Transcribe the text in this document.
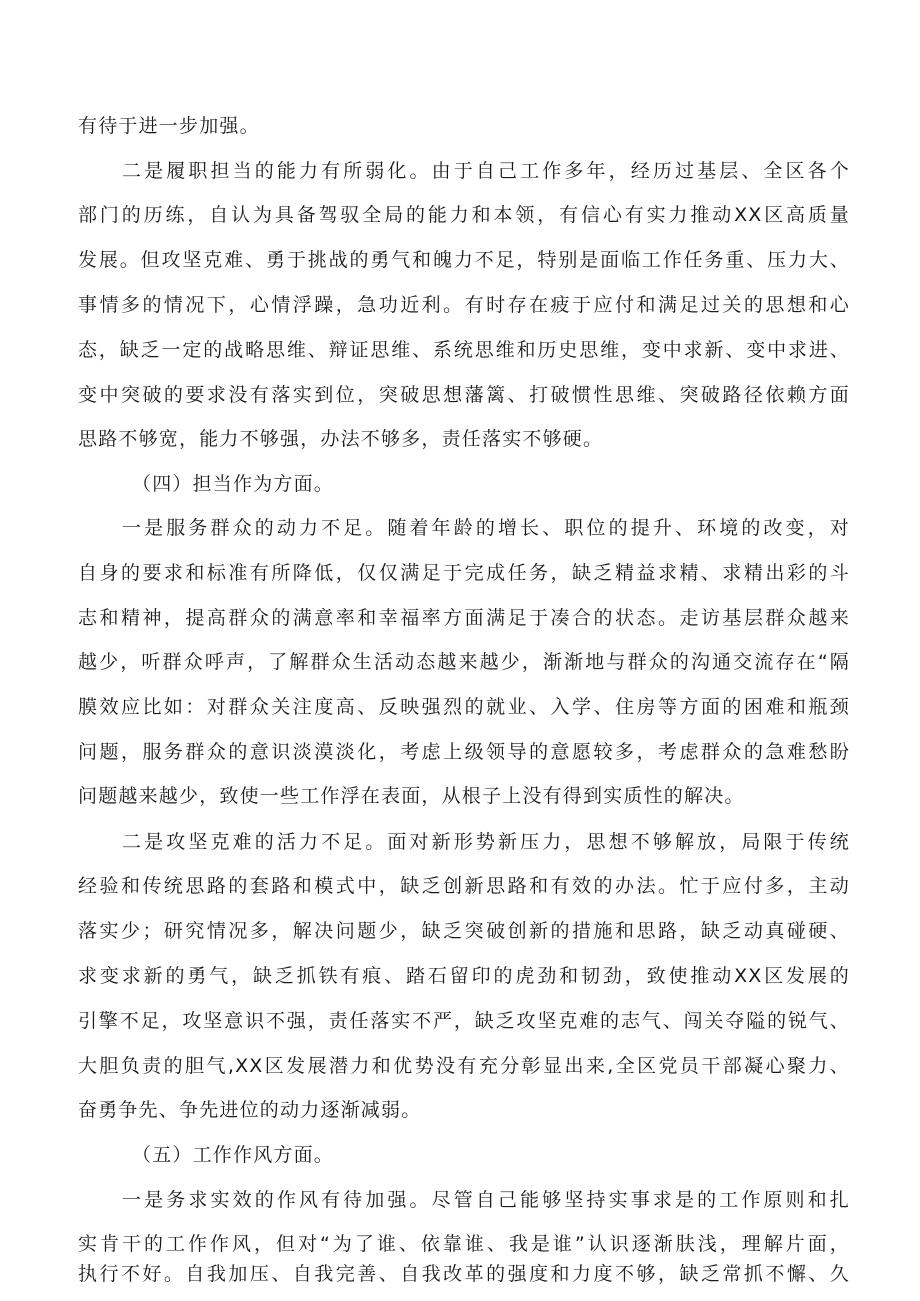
有待于进一步加强。
二是履职担当的能力有所弱化。由于自己工作多年，经历过基层、全区各个
部门的历练，自认为具备驾驭全局的能力和本领，有信心有实力推动XX区高质量
发展。但攻坚克难、勇于挑战的勇气和魄力不足，特别是面临工作任务重、压力大、
事情多的情况下，心情浮躁，急功近利。有时存在疲于应付和满足过关的思想和心
态，缺乏一定的战略思维、辩证思维、系统思维和历史思维，变中求新、变中求进、
变中突破的要求没有落实到位，突破思想藩篱、打破惯性思维、突破路径依赖方面
思路不够宽，能力不够强，办法不够多，责任落实不够硬。
（四）担当作为方面。
一是服务群众的动力不足。随着年龄的增长、职位的提升、环境的改变，对
自身的要求和标准有所降低，仅仅满足于完成任务，缺乏精益求精、求精出彩的斗
志和精神，提高群众的满意率和幸福率方面满足于凑合的状态。走访基层群众越来
越少，听群众呼声，了解群众生活动态越来越少，渐渐地与群众的沟通交流存在“隔
膜效应比如：对群众关注度高、反映强烈的就业、入学、住房等方面的困难和瓶颈
问题，服务群众的意识淡漠淡化，考虑上级领导的意愿较多，考虑群众的急难愁盼
问题越来越少，致使一些工作浮在表面，从根子上没有得到实质性的解决。
二是攻坚克难的活力不足。面对新形势新压力，思想不够解放，局限于传统
经验和传统思路的套路和模式中，缺乏创新思路和有效的办法。忙于应付多，主动
落实少；研究情况多，解决问题少，缺乏突破创新的措施和思路，缺乏动真碰硬、
求变求新的勇气，缺乏抓铁有痕、踏石留印的虎劲和韧劲，致使推动XX区发展的
引擎不足，攻坚意识不强，责任落实不严，缺乏攻坚克难的志气、闯关夺隘的锐气、
大胆负责的胆气,XX区发展潜力和优势没有充分彰显出来,全区党员干部凝心聚力、
奋勇争先、争先进位的动力逐渐减弱。
（五）工作作风方面。
一是务求实效的作风有待加强。尽管自己能够坚持实事求是的工作原则和扎
实肯干的工作作风，但对“为了谁、依靠谁、我是谁”认识逐渐肤浅，理解片面，
执行不好。自我加压、自我完善、自我改革的强度和力度不够，缺乏常抓不懈、久
